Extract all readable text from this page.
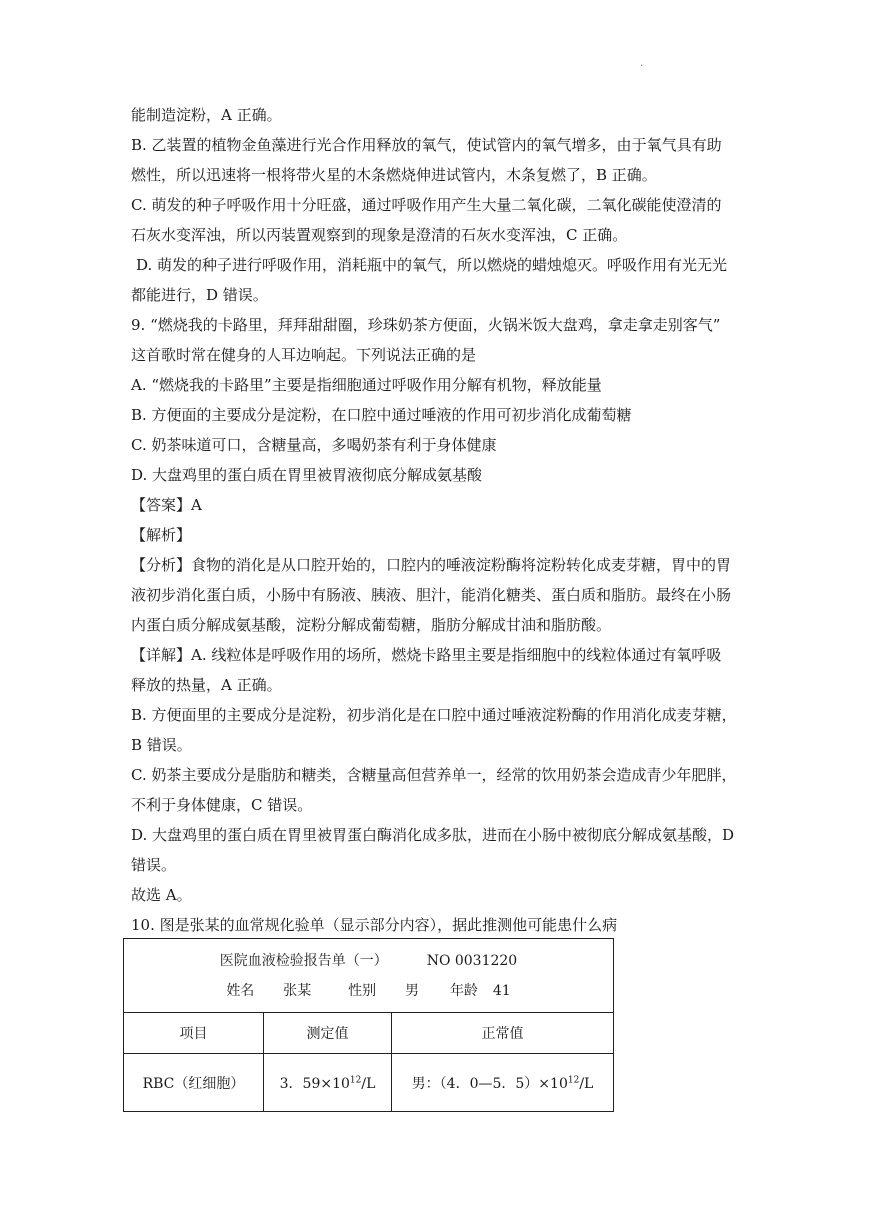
.
能制造淀粉，A 正确。
B. 乙装置的植物金鱼藻进行光合作用释放的氧气，使试管内的氧气增多，由于氧气具有助
燃性，所以迅速将一根将带火星的木条燃烧伸进试管内，木条复燃了，B 正确。
C. 萌发的种子呼吸作用十分旺盛，通过呼吸作用产生大量二氧化碳，二氧化碳能使澄清的
石灰水变浑浊，所以丙装置观察到的现象是澄清的石灰水变浑浊，C 正确。
D. 萌发的种子进行呼吸作用，消耗瓶中的氧气，所以燃烧的蜡烛熄灭。呼吸作用有光无光
都能进行，D 错误。
9. “燃烧我的卡路里，拜拜甜甜圈，珍珠奶茶方便面，火锅米饭大盘鸡，拿走拿走别客气”
这首歌时常在健身的人耳边响起。下列说法正确的是
A. “燃烧我的卡路里”主要是指细胞通过呼吸作用分解有机物，释放能量
B. 方便面的主要成分是淀粉，在口腔中通过唾液的作用可初步消化成葡萄糖
C. 奶茶味道可口，含糖量高，多喝奶茶有利于身体健康
D. 大盘鸡里的蛋白质在胃里被胃液彻底分解成氨基酸
【答案】A
【解析】
【分析】食物的消化是从口腔开始的，口腔内的唾液淀粉酶将淀粉转化成麦芽糖，胃中的胃
液初步消化蛋白质，小肠中有肠液、胰液、胆汁，能消化糖类、蛋白质和脂肪。最终在小肠
内蛋白质分解成氨基酸，淀粉分解成葡萄糖，脂肪分解成甘油和脂肪酸。
【详解】A. 线粒体是呼吸作用的场所，燃烧卡路里主要是指细胞中的线粒体通过有氧呼吸
释放的热量，A 正确。
B. 方便面里的主要成分是淀粉，初步消化是在口腔中通过唾液淀粉酶的作用消化成麦芽糖，
B 错误。
C. 奶茶主要成分是脂肪和糖类，含糖量高但营养单一，经常的饮用奶茶会造成青少年肥胖，
不利于身体健康，C 错误。
D. 大盘鸡里的蛋白质在胃里被胃蛋白酶消化成多肽，进而在小肠中被彻底分解成氨基酸，D
错误。
故选 A。
10. 图是张某的血常规化验单（显示部分内容），据此推测他可能患什么病
医院血液检验报告单（一） NO 0031220
姓名 张某 性别 男 年龄 41		

项目	测定值	正常值
RBC（红细胞）	3．$59\times 10^{12}/L$	男：（4．0—5．$5)\times 10^{12}/L$
